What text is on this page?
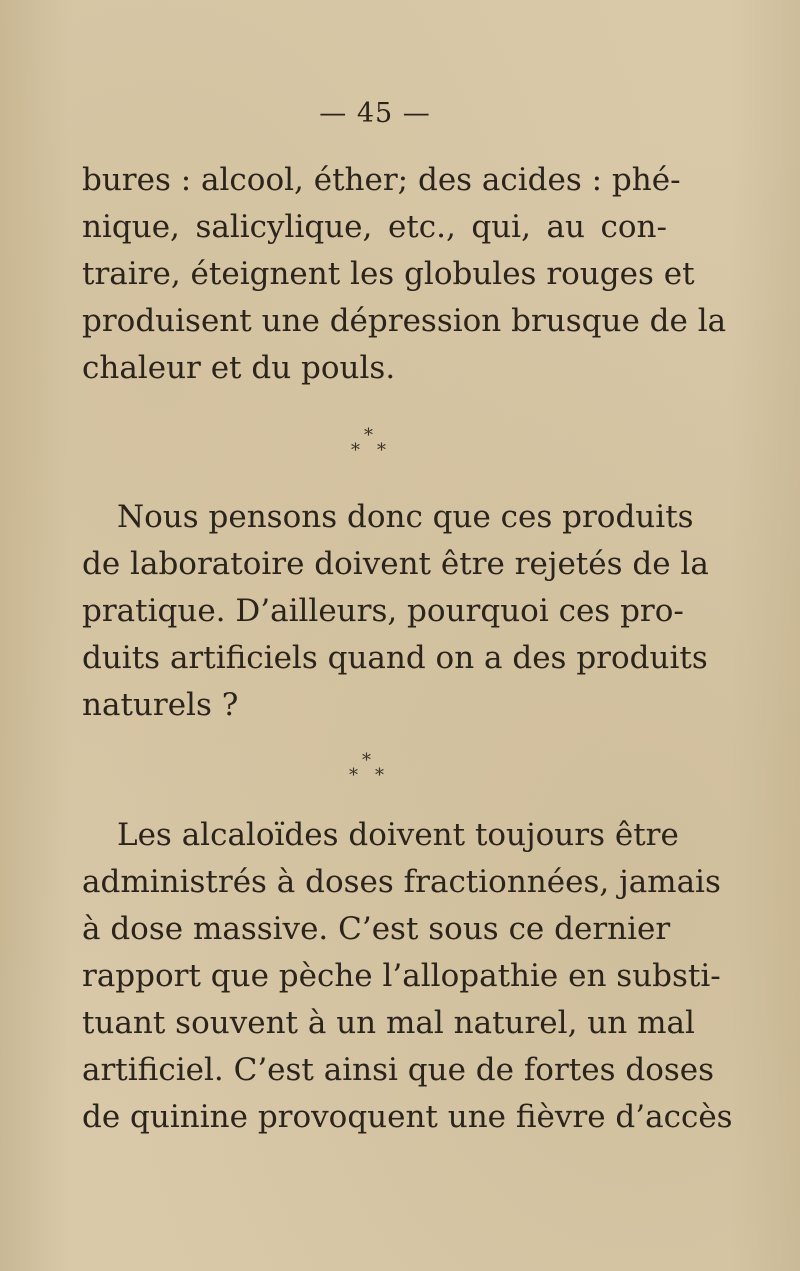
— 45 —
bures : alcool, éther; des acides : phé-
nique, salicylique, etc., qui, au con-
traire, éteignent les globules rouges et
produisent une dépression brusque de la
chaleur et du pouls.
*
* *
Nous pensons donc que ces produits
de laboratoire doivent être rejetés de la
pratique. D’ailleurs, pourquoi ces pro-
duits artificiels quand on a des produits
naturels ?
*
* *
Les alcaloïdes doivent toujours être
administrés à doses fractionnées, jamais
à dose massive. C’est sous ce dernier
rapport que pèche l’allopathie en substi-
tuant souvent à un mal naturel, un mal
artificiel. C’est ainsi que de fortes doses
de quinine provoquent une fièvre d’accès
